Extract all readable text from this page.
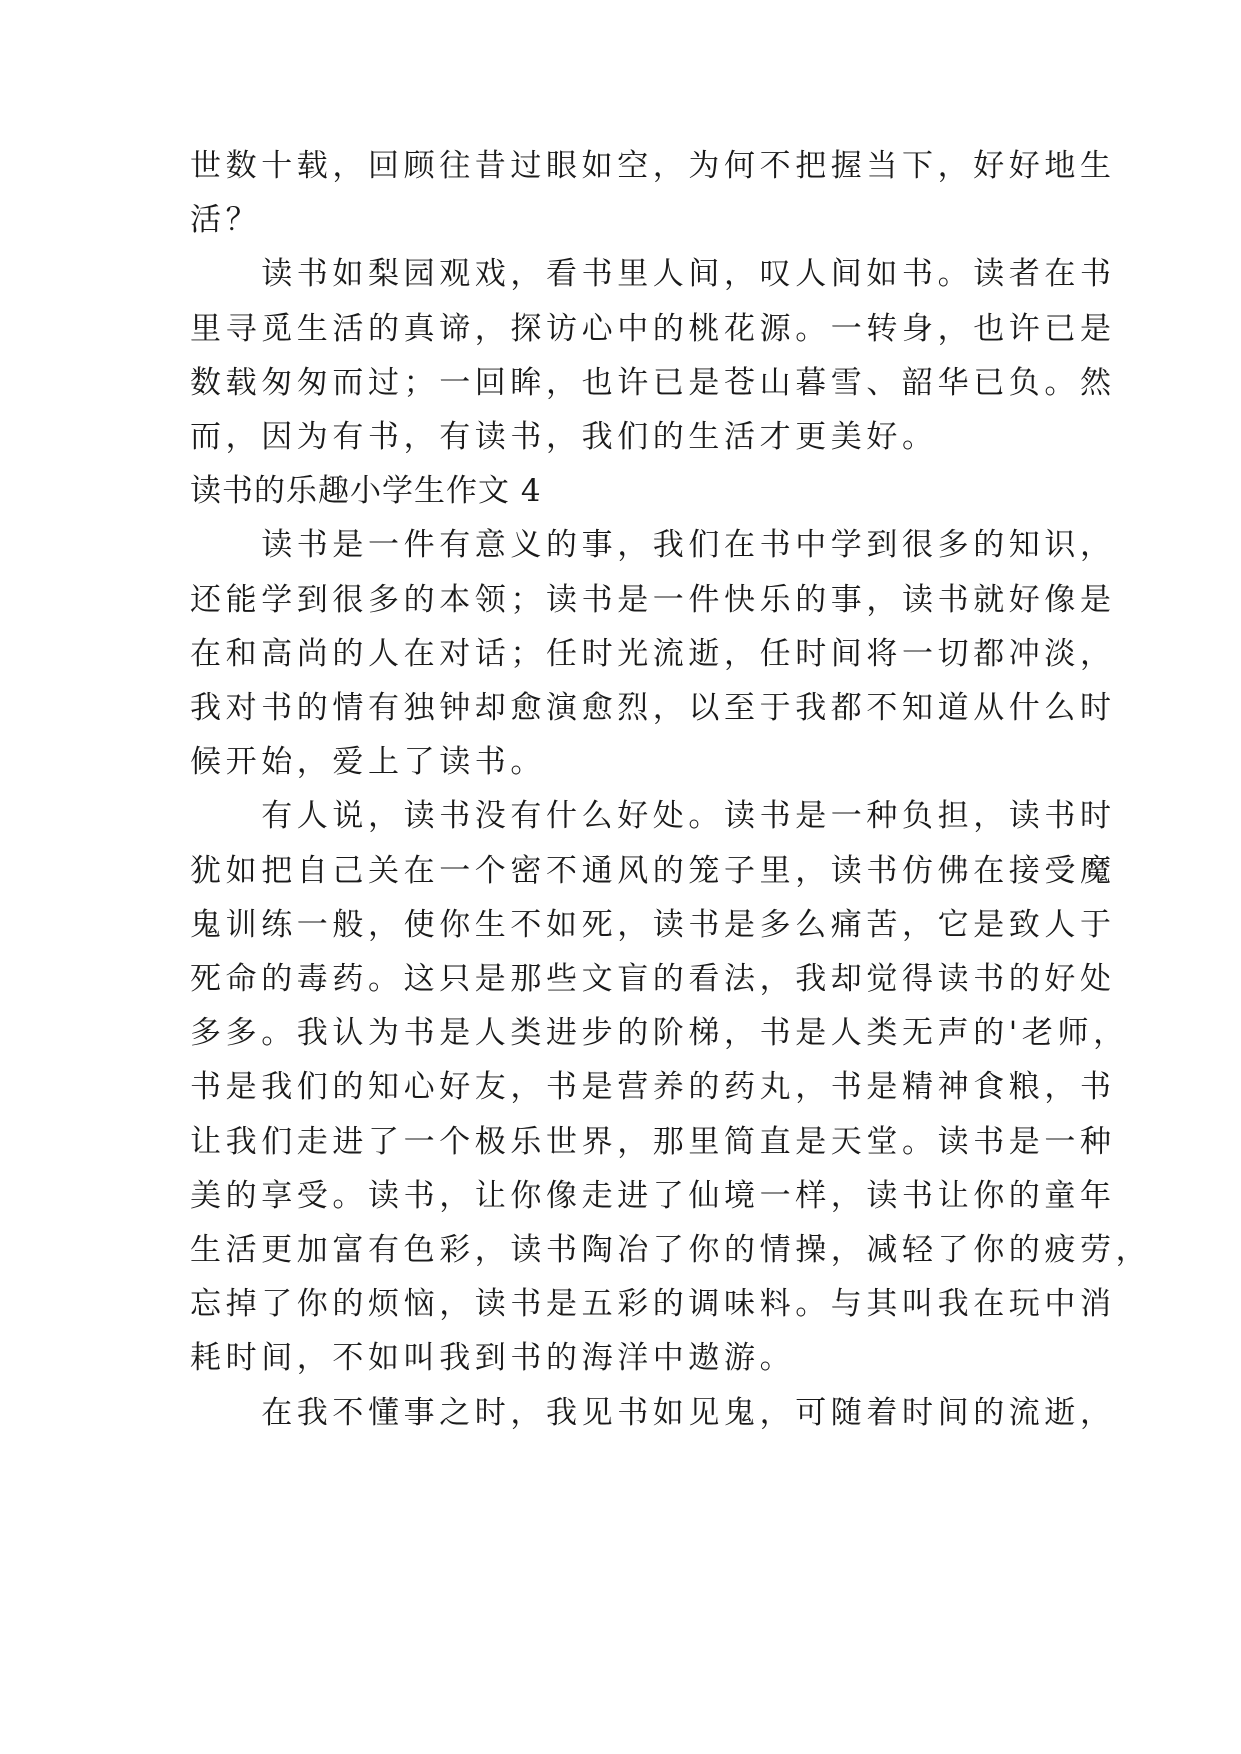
世数十载，回顾往昔过眼如空，为何不把握当下，好好地生
活？
　　读书如梨园观戏，看书里人间，叹人间如书。读者在书
里寻觅生活的真谛，探访心中的桃花源。一转身，也许已是
数载匆匆而过；一回眸，也许已是苍山暮雪、韶华已负。然
而，因为有书，有读书，我们的生活才更美好。
读书的乐趣小学生作文 4
　　读书是一件有意义的事，我们在书中学到很多的知识，
还能学到很多的本领；读书是一件快乐的事，读书就好像是
在和高尚的人在对话；任时光流逝，任时间将一切都冲淡，
我对书的情有独钟却愈演愈烈，以至于我都不知道从什么时
候开始，爱上了读书。
　　有人说，读书没有什么好处。读书是一种负担，读书时
犹如把自己关在一个密不通风的笼子里，读书仿佛在接受魔
鬼训练一般，使你生不如死，读书是多么痛苦，它是致人于
死命的毒药。这只是那些文盲的看法，我却觉得读书的好处
多多。我认为书是人类进步的阶梯，书是人类无声的'老师，
书是我们的知心好友，书是营养的药丸，书是精神食粮，书
让我们走进了一个极乐世界，那里简直是天堂。读书是一种
美的享受。读书，让你像走进了仙境一样，读书让你的童年
生活更加富有色彩，读书陶冶了你的情操，减轻了你的疲劳，
忘掉了你的烦恼，读书是五彩的调味料。与其叫我在玩中消
耗时间，不如叫我到书的海洋中遨游。
　　在我不懂事之时，我见书如见鬼，可随着时间的流逝，
